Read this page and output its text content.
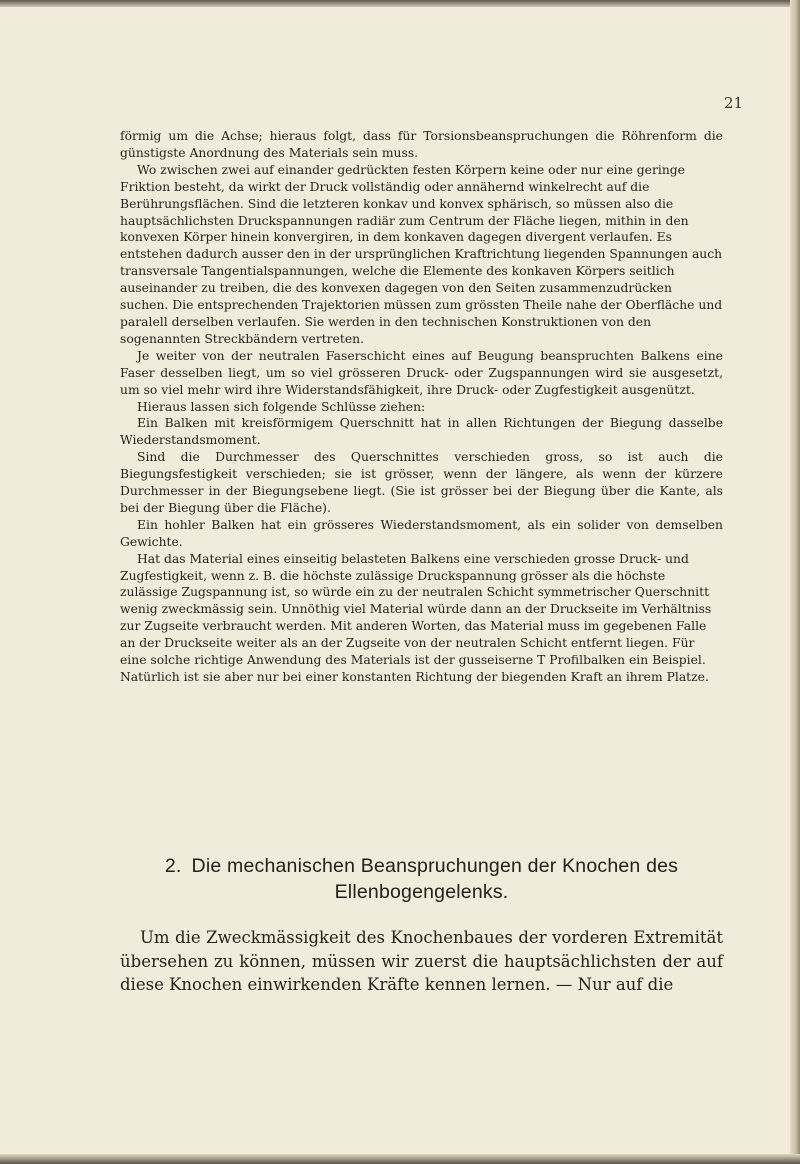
21

förmig um die Achse; hieraus folgt, dass für Torsionsbeanspruchungen die Röhrenform die günstigste Anordnung des Materials sein muss.

Wo zwischen zwei auf einander gedrückten festen Körpern keine oder nur eine geringe Friktion besteht, da wirkt der Druck vollständig oder annähernd winkelrecht auf die Berührungsflächen. Sind die letzteren konkav und konvex sphärisch, so müssen also die hauptsächlichsten Druckspannungen radiär zum Centrum der Fläche liegen, mithin in den konvexen Körper hinein konvergiren, in dem konkaven dagegen divergent verlaufen. Es entstehen dadurch ausser den in der ursprünglichen Kraftrichtung liegenden Spannungen auch transversale Tangentialspannungen, welche die Elemente des konkaven Körpers seitlich auseinander zu treiben, die des konvexen dagegen von den Seiten zusammenzudrücken suchen. Die entsprechenden Trajektorien müssen zum grössten Theile nahe der Oberfläche und paralell derselben verlaufen. Sie werden in den technischen Konstruktionen von den sogenannten Streckbändern vertreten.

Je weiter von der neutralen Faserschicht eines auf Beugung beanspruchten Balkens eine Faser desselben liegt, um so viel grösseren Druck- oder Zugspannungen wird sie ausgesetzt, um so viel mehr wird ihre Widerstandsfähigkeit, ihre Druck- oder Zugfestigkeit ausgenützt.

Hieraus lassen sich folgende Schlüsse ziehen:

Ein Balken mit kreisförmigem Querschnitt hat in allen Richtungen der Biegung dasselbe Wiederstandsmoment.

Sind die Durchmesser des Querschnittes verschieden gross, so ist auch die Biegungsfestigkeit verschieden; sie ist grösser, wenn der längere, als wenn der kürzere Durchmesser in der Biegungsebene liegt. (Sie ist grösser bei der Biegung über die Kante, als bei der Biegung über die Fläche).

Ein hohler Balken hat ein grösseres Wiederstandsmoment, als ein solider von demselben Gewichte.

Hat das Material eines einseitig belasteten Balkens eine verschieden grosse Druck- und Zugfestigkeit, wenn z. B. die höchste zulässige Druckspannung grösser als die höchste zulässige Zugspannung ist, so würde ein zu der neutralen Schicht symmetrischer Querschnitt wenig zweckmässig sein. Unnöthig viel Material würde dann an der Druckseite im Verhältniss zur Zugseite verbraucht werden. Mit anderen Worten, das Material muss im gegebenen Falle an der Druckseite weiter als an der Zugseite von der neutralen Schicht entfernt liegen. Für eine solche richtige Anwendung des Materials ist der gusseiserne T Profilbalken ein Beispiel. Natürlich ist sie aber nur bei einer konstanten Richtung der biegenden Kraft an ihrem Platze.

2. Die mechanischen Beanspruchungen der Knochen des Ellenbogengelenks.

Um die Zweckmässigkeit des Knochenbaues der vorderen Extremität übersehen zu können, müssen wir zuerst die hauptsächlichsten der auf diese Knochen einwirkenden Kräfte kennen lernen. — Nur auf die
